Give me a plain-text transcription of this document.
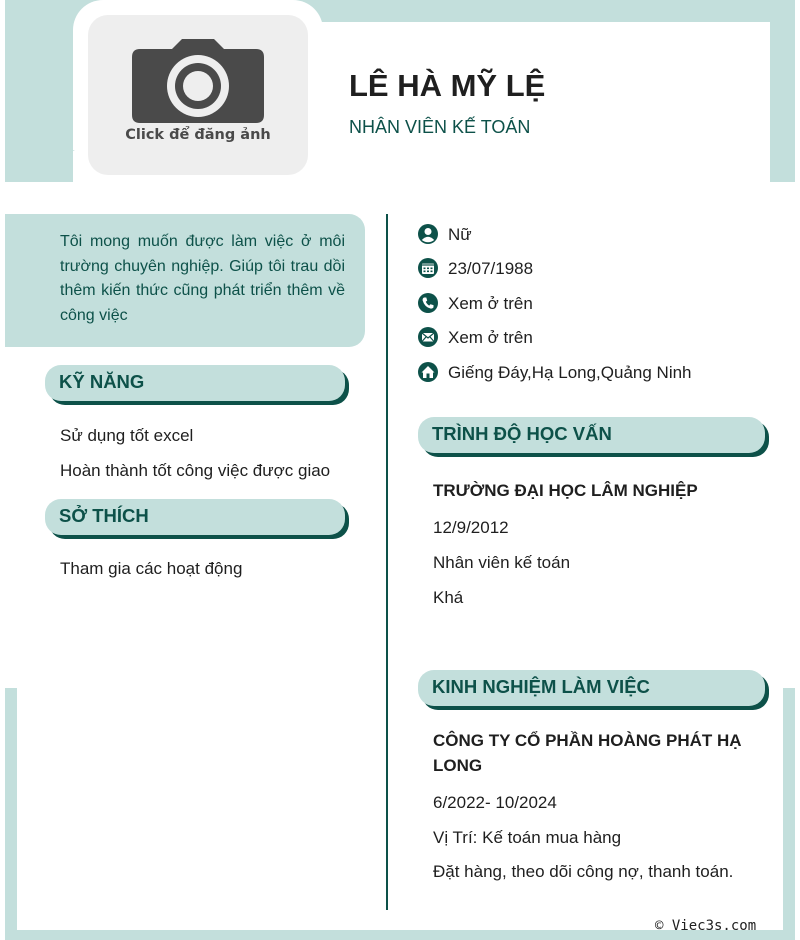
Click để đăng ảnh
LÊ HÀ MỸ LỆ
NHÂN VIÊN KẾ TOÁN

Tôi mong muốn được làm việc ở môi trường chuyên nghiệp. Giúp tôi trau dồi thêm kiến thức cũng phát triển thêm về công việc

KỸ NĂNG
Sử dụng tốt excel
Hoàn thành tốt công việc được giao
SỞ THÍCH
Tham gia các hoạt động
Nữ
23/07/1988
Xem ở trên
Xem ở trên
Giếng Đáy,Hạ Long,Quảng Ninh
TRÌNH ĐỘ HỌC VẤN
TRƯỜNG ĐẠI HỌC LÂM NGHIỆP
12/9/2012
Nhân viên kế toán
Khá
KINH NGHIỆM LÀM VIỆC
CÔNG TY CỔ PHẦN HOÀNG PHÁT HẠ
LONG
6/2022- 10/2024
Vị Trí: Kế toán mua hàng
Đặt hàng, theo dõi công nợ, thanh toán.
© Viec3s.com
